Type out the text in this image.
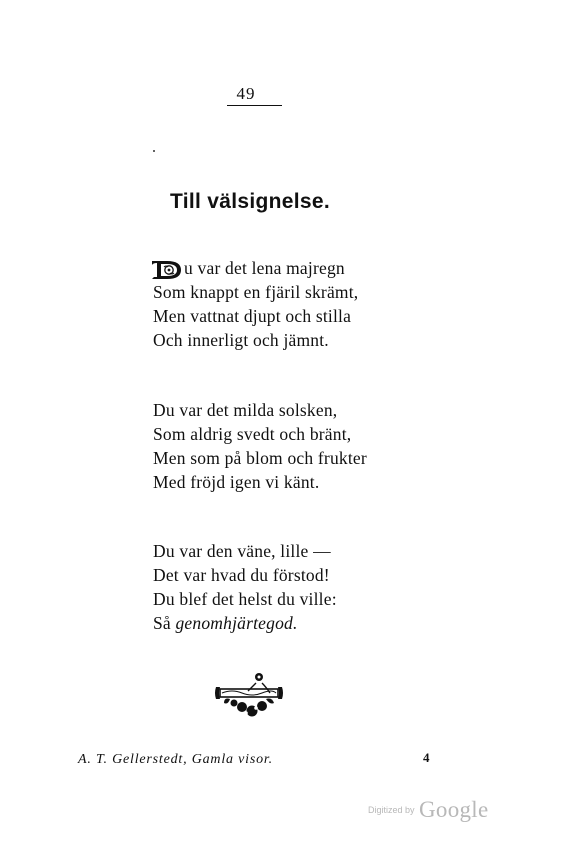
49
Till välsignelse.
D
u var det lena majregn
Som knappt en fjäril skrämt,
Men vattnat djupt och stilla
Och innerligt och jämnt.
Du var det milda solsken,
Som aldrig svedt och bränt,
Men som på blom och frukter
Med fröjd igen vi känt.
Du var den väne, lille —
Det var hvad du förstod!
Du blef det helst du ville:
Så genomhjärtegod.
A. T. Gellerstedt, Gamla visor.	4
Digitized by Google
